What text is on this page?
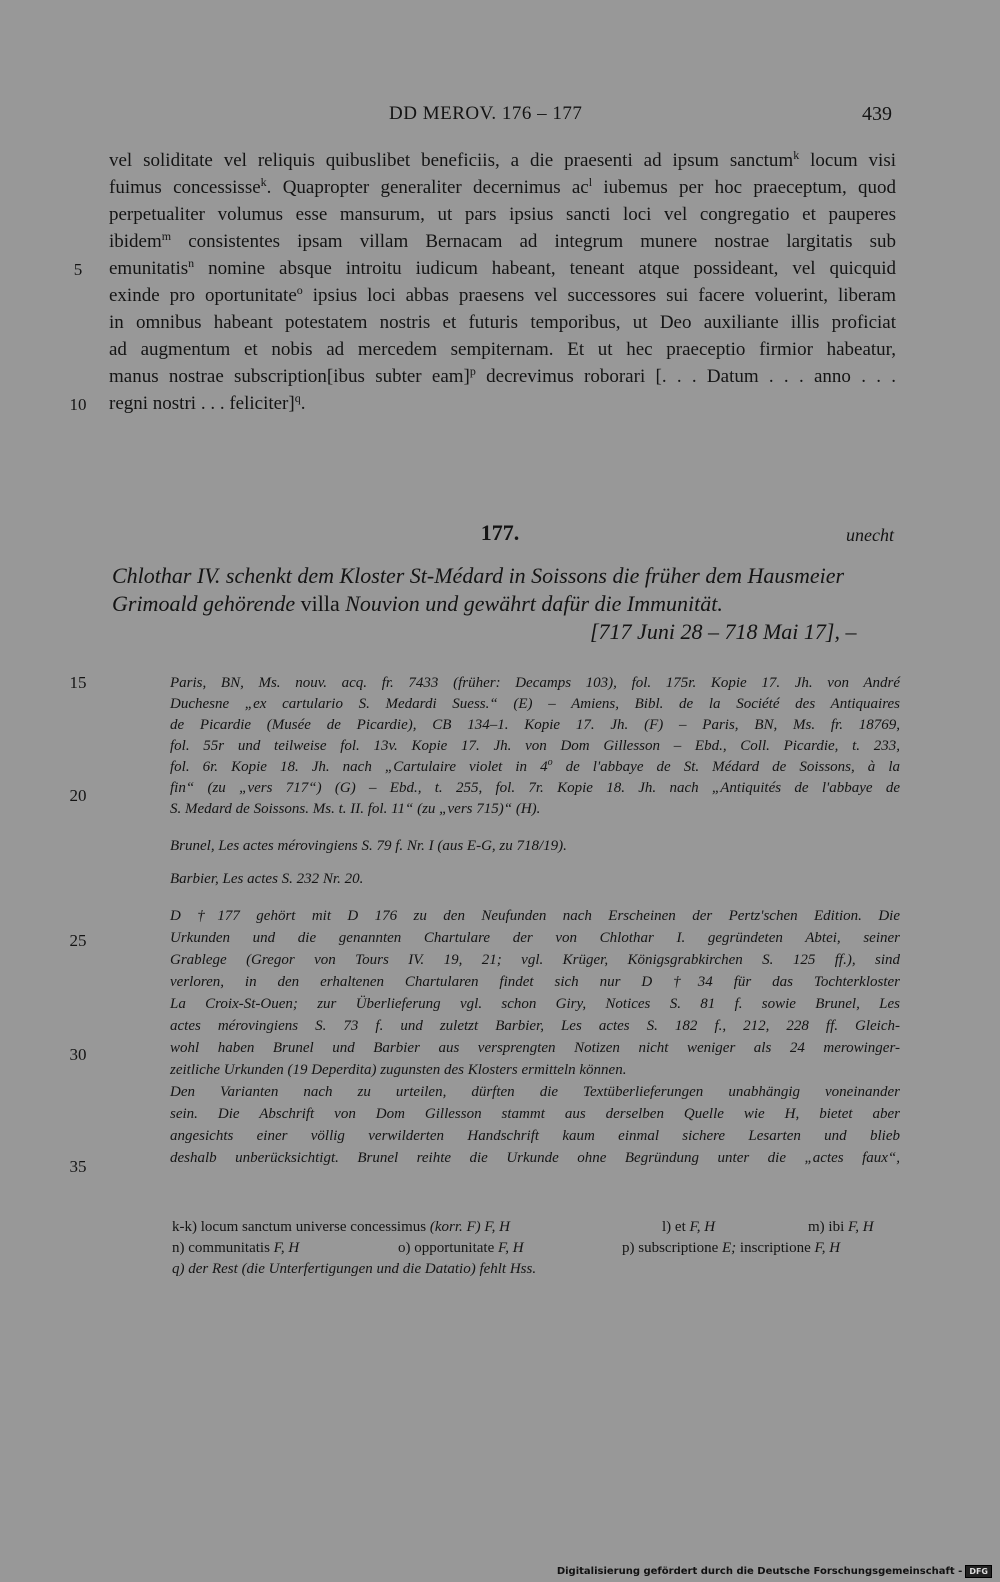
DD MEROV. 176 – 177	439
vel soliditate vel reliquis quibuslibet beneficiis, a die praesenti ad ipsum sanctum$^k$ locum visi
fuimus concessisse$^k$. Quapropter generaliter decernimus $ac^l$ iubemus per hoc praeceptum, quod
perpetualiter volumus esse mansurum, ut pars ipsius sancti loci vel congregatio et pauperes
ibidem$^m$ consistentes ipsam villam Bernacam ad integrum munere nostrae largitatis sub
emunitatis$^n$ nomine absque introitu iudicum habeant, teneant atque possideant, vel quicquid
exinde pro oportunitate$^o$ ipsius loci abbas praesens vel successores sui facere voluerint, liberam
in omnibus habeant potestatem nostris et futuris temporibus, ut Deo auxiliante illis proficiat
ad augmentum et nobis ad mercedem sempiternam. Et ut hec praeceptio firmior habeatur,
manus nostrae subscription[ibus subter eam]$^p$ decrevimus roborari [. . . Datum . . . anno . . .
regni nostri . . . feliciter]$^q$.
5
10
15
20
25
30
35
177.	unecht
Chlothar IV. schenkt dem Kloster St-Médard in Soissons die früher dem Hausmeier
Grimoald gehörende villa Nouvion und gewährt dafür die Immunität.
[717 Juni 28 – 718 Mai 17], –
Paris, BN, Ms. nouv. acq. fr. 7433 (früher: Decamps 103), fol. 175r. Kopie 17. Jh. von André
Duchesne „ex cartulario S. Medardi Suess.“ (E) – Amiens, Bibl. de la Société des Antiquaires
de Picardie (Musée de Picardie), CB 134–1. Kopie 17. Jh. (F) – Paris, BN, Ms. fr. 18769,
fol. 55r und teilweise fol. 13v. Kopie 17. Jh. von Dom Gillesson – Ebd., Coll. Picardie, t. 233,
fol. 6r. Kopie 18. Jh. nach „Cartulaire violet in 4$^o$ de l'abbaye de St. Médard de Soissons, à la
fin“ (zu „vers 717“) (G) – Ebd., t. 255, fol. 7r. Kopie 18. Jh. nach „Antiquités de l'abbaye de
S. Medard de Soissons. Ms. t. II. fol. 11“ (zu „vers 715)“ (H).
Brunel, Les actes mérovingiens S. 79 f. Nr. I (aus E-G, zu 718/19).
Barbier, Les actes S. 232 Nr. 20.
D †177 gehört mit D 176 zu den Neufunden nach Erscheinen der Pertz'schen Edition. Die
Urkunden und die genannten Chartulare der von Chlothar I. gegründeten Abtei, seiner
Grablege (Gregor von Tours IV. 19, 21; vgl. Krüger, Königsgrabkirchen S. 125 ff.), sind
verloren, in den erhaltenen Chartularen findet sich nur D †34 für das Tochterkloster
La Croix-St-Ouen; zur Überlieferung vgl. schon Giry, Notices S. 81 f. sowie Brunel, Les
actes mérovingiens S. 73 f. und zuletzt Barbier, Les actes S. 182 f., 212, 228 ff. Gleich-
wohl haben Brunel und Barbier aus versprengten Notizen nicht weniger als 24 merowinger-
zeitliche Urkunden (19 Deperdita) zugunsten des Klosters ermitteln können.
Den Varianten nach zu urteilen, dürften die Textüberlieferungen unabhängig voneinander
sein. Die Abschrift von Dom Gillesson stammt aus derselben Quelle wie H, bietet aber
angesichts einer völlig verwilderten Handschrift kaum einmal sichere Lesarten und blieb
deshalb unberücksichtigt. Brunel reihte die Urkunde ohne Begründung unter die „actes faux“,
k-k) locum sanctum universe concessimus (korr. F) F, H	l) et F, H	m) ibi F, H
n) communitatis F, H	o) opportunitate F, H	p) subscriptione E; inscriptione F, H
q) der Rest (die Unterfertigungen und die Datatio) fehlt Hss.
Digitalisierung gefördert durch die Deutsche Forschungsgemeinschaft - DFG
